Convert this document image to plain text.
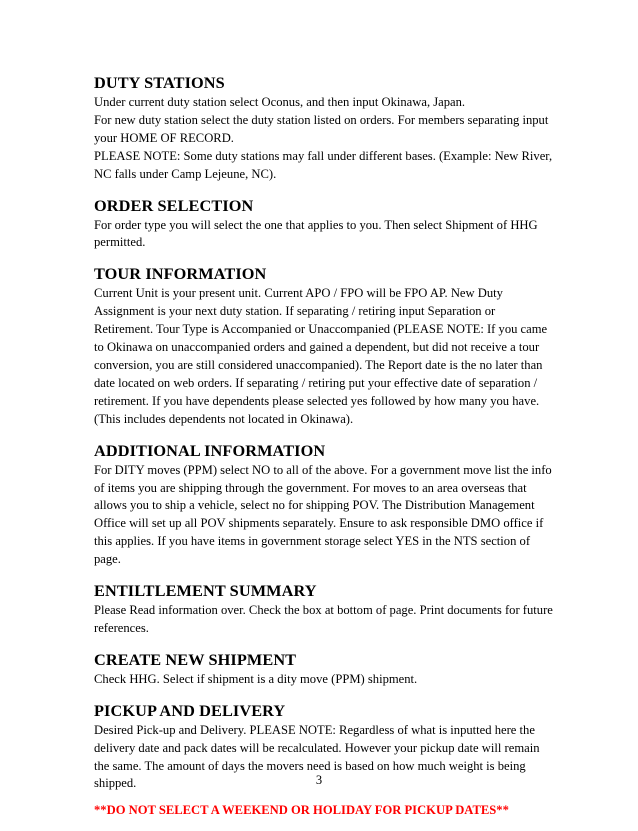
DUTY STATIONS

Under current duty station select Oconus, and then input Okinawa, Japan.

For new duty station select the duty station listed on orders. For members separating input your HOME OF RECORD.

PLEASE NOTE: Some duty stations may fall under different bases. (Example: New River, NC falls under Camp Lejeune, NC).

ORDER SELECTION

For order type you will select the one that applies to you. Then select Shipment of HHG permitted.

TOUR INFORMATION

Current Unit is your present unit. Current APO / FPO will be FPO AP. New Duty Assignment is your next duty station. If separating / retiring input Separation or Retirement. Tour Type is Accompanied or Unaccompanied (PLEASE NOTE: If you came to Okinawa on unaccompanied orders and gained a dependent, but did not receive a tour conversion, you are still considered unaccompanied). The Report date is the no later than date located on web orders. If separating / retiring put your effective date of separation / retirement. If you have dependents please selected yes followed by how many you have. (This includes dependents not located in Okinawa).

ADDITIONAL INFORMATION

For DITY moves (PPM) select NO to all of the above. For a government move list the info of items you are shipping through the government. For moves to an area overseas that allows you to ship a vehicle, select no for shipping POV. The Distribution Management Office will set up all POV shipments separately. Ensure to ask responsible DMO office if this applies. If you have items in government storage select YES in the NTS section of page.

ENTILTLEMENT SUMMARY

Please Read information over. Check the box at bottom of page. Print documents for future references.

CREATE NEW SHIPMENT

Check HHG. Select if shipment is a dity move (PPM) shipment.

PICKUP AND DELIVERY

Desired Pick-up and Delivery. PLEASE NOTE: Regardless of what is inputted here the delivery date and pack dates will be recalculated. However your pickup date will remain the same. The amount of days the movers need is based on how much weight is being shipped.

**DO NOT SELECT A WEEKEND OR HOLIDAY FOR PICKUP DATES**
3
